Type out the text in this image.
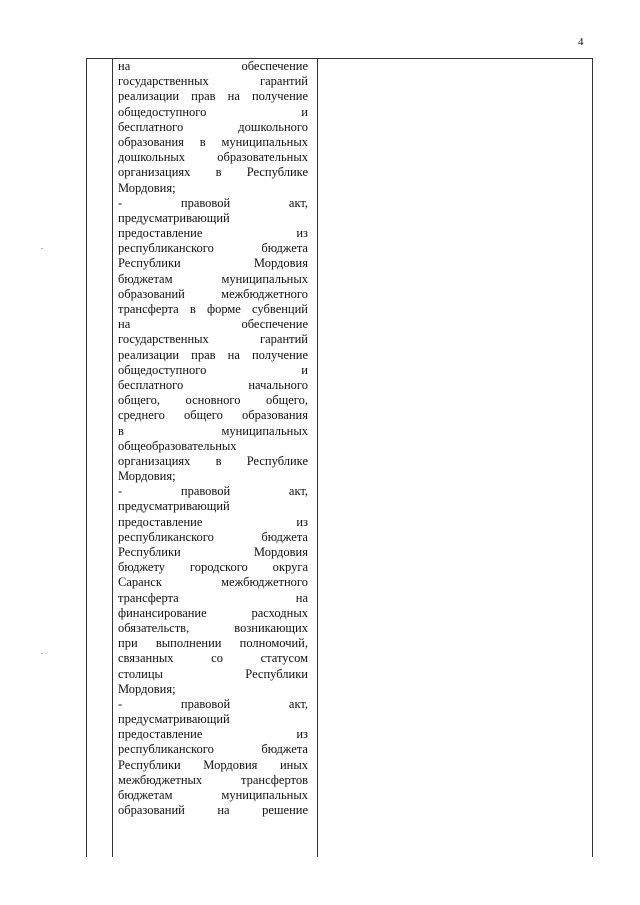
4
на обеспечение
государственных гарантий
реализации прав на получение
общедоступного и
бесплатного дошкольного
образования в муниципальных
дошкольных образовательных
организациях в Республике
Мордовия;
- правовой акт,
предусматривающий
предоставление из
республиканского бюджета
Республики Мордовия
бюджетам муниципальных
образований межбюджетного
трансферта в форме субвенций
на обеспечение
государственных гарантий
реализации прав на получение
общедоступного и
бесплатного начального
общего, основного общего,
среднего общего образования
в муниципальных
общеобразовательных
организациях в Республике
Мордовия;
- правовой акт,
предусматривающий
предоставление из
республиканского бюджета
Республики Мордовия
бюджету городского округа
Саранск межбюджетного
трансферта на
финансирование расходных
обязательств, возникающих
при выполнении полномочий,
связанных со статусом
столицы Республики
Мордовия;
- правовой акт,
предусматривающий
предоставление из
республиканского бюджета
Республики Мордовия иных
межбюджетных трансфертов
бюджетам муниципальных
образований на решение
